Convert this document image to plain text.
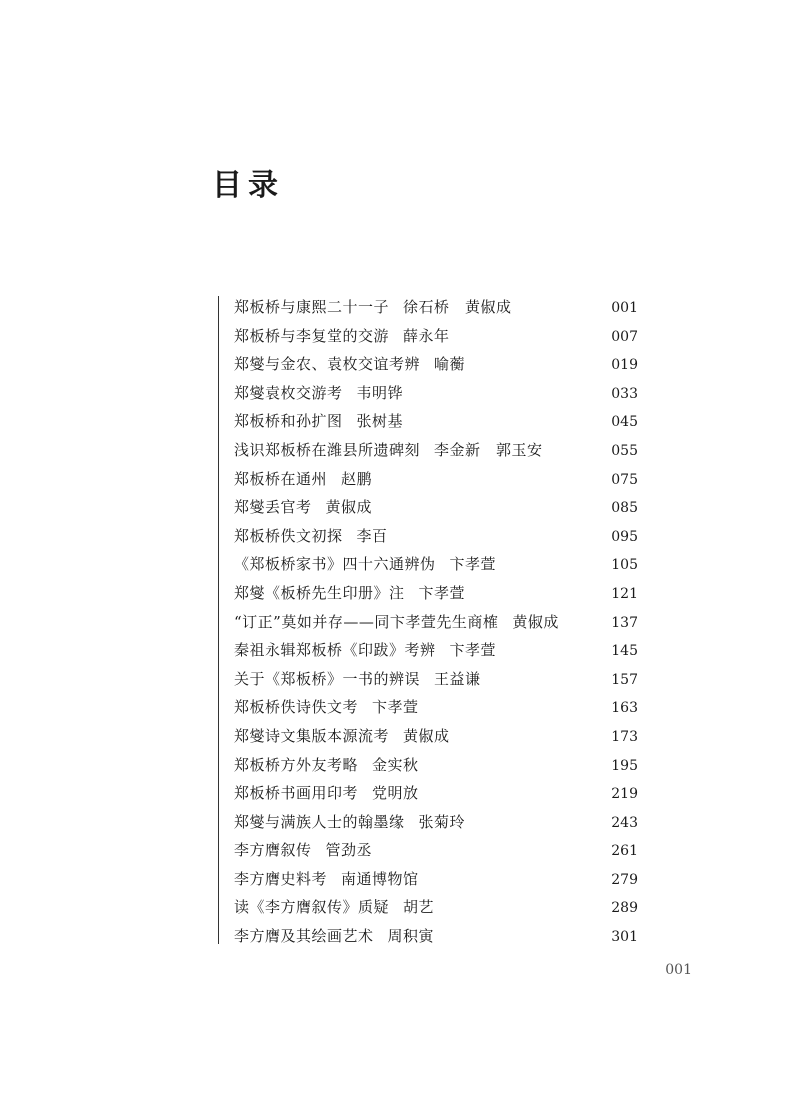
目录
郑板桥与康熙二十一子 徐石桥　黄俶成	001
郑板桥与李复堂的交游 薛永年	007
郑燮与金农、袁枚交谊考辨 喻蘅	019
郑燮袁枚交游考 韦明铧	033
郑板桥和孙扩图 张树基	045
浅识郑板桥在潍县所遗碑刻 李金新　郭玉安	055
郑板桥在通州 赵鹏	075
郑燮丢官考 黄俶成	085
郑板桥佚文初探 李百	095
《郑板桥家书》四十六通辨伪 卞孝萱	105
郑燮《板桥先生印册》注 卞孝萱	121
“订正”莫如并存——同卞孝萱先生商榷 黄俶成	137
秦祖永辑郑板桥《印跋》考辨 卞孝萱	145
关于《郑板桥》一书的辨误 王益谦	157
郑板桥佚诗佚文考 卞孝萱	163
郑燮诗文集版本源流考 黄俶成	173
郑板桥方外友考略 金实秋	195
郑板桥书画用印考 党明放	219
郑燮与满族人士的翰墨缘 张菊玲	243
李方膺叙传 管劲丞	261
李方膺史料考 南通博物馆	279
读《李方膺叙传》质疑 胡艺	289
李方膺及其绘画艺术 周积寅	301
001
